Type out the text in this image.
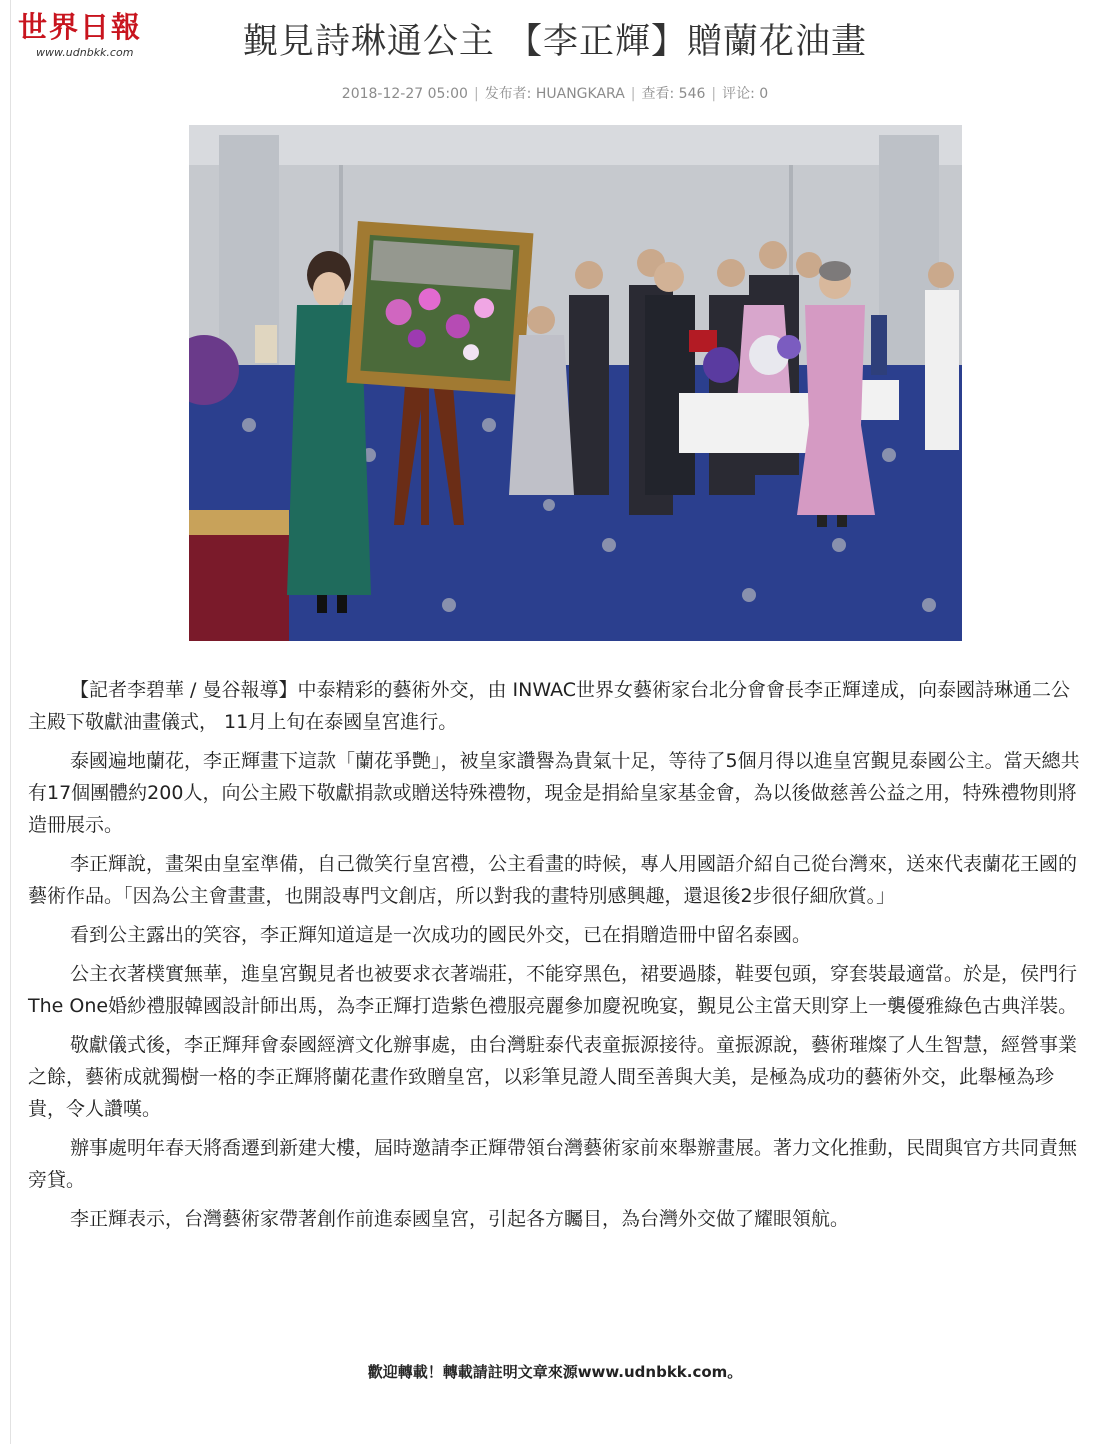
世界日報
www.udnbkk.com	覲見詩琳通公主 【李正輝】贈蘭花油畫
2018-12-27 05:00 | 发布者: HUANGKARA | 查看: 546 | 评论: 0

【記者李碧華 / 曼谷報導】中泰精彩的藝術外交，由 INWAC世界女藝術家台北分會會長李正輝達成，向泰國詩琳通二公主殿下敬獻油畫儀式， 11月上旬在泰國皇宮進行。

泰國遍地蘭花，李正輝畫下這款「蘭花爭艷」，被皇家讚譽為貴氣十足，等待了5個月得以進皇宮覲見泰國公主。當天總共有17個團體約200人，向公主殿下敬獻捐款或贈送特殊禮物，現金是捐給皇家基金會，為以後做慈善公益之用，特殊禮物則將造冊展示。

李正輝說，畫架由皇室準備，自己微笑行皇宮禮，公主看畫的時候，專人用國語介紹自己從台灣來，送來代表蘭花王國的藝術作品。「因為公主會畫畫，也開設專門文創店，所以對我的畫特別感興趣，還退後2步很仔細欣賞。」

看到公主露出的笑容，李正輝知道這是一次成功的國民外交，已在捐贈造冊中留名泰國。

公主衣著樸實無華，進皇宮覲見者也被要求衣著端莊，不能穿黑色，裙要過膝，鞋要包頭，穿套裝最適當。於是，侯門行The One婚紗禮服韓國設計師出馬，為李正輝打造紫色禮服亮麗參加慶祝晚宴，覲見公主當天則穿上一襲優雅綠色古典洋裝。

敬獻儀式後，李正輝拜會泰國經濟文化辦事處，由台灣駐泰代表童振源接待。童振源說，藝術璀燦了人生智慧，經營事業之餘，藝術成就獨樹一格的李正輝將蘭花畫作致贈皇宮，以彩筆見證人間至善與大美，是極為成功的藝術外交，此舉極為珍貴，令人讚嘆。

辦事處明年春天將喬遷到新建大樓，屆時邀請李正輝帶領台灣藝術家前來舉辦畫展。著力文化推動，民間與官方共同責無旁貸。

李正輝表示，台灣藝術家帶著創作前進泰國皇宮，引起各方矚目，為台灣外交做了耀眼領航。

歡迎轉載！轉載請註明文章來源www.udnbkk.com。
